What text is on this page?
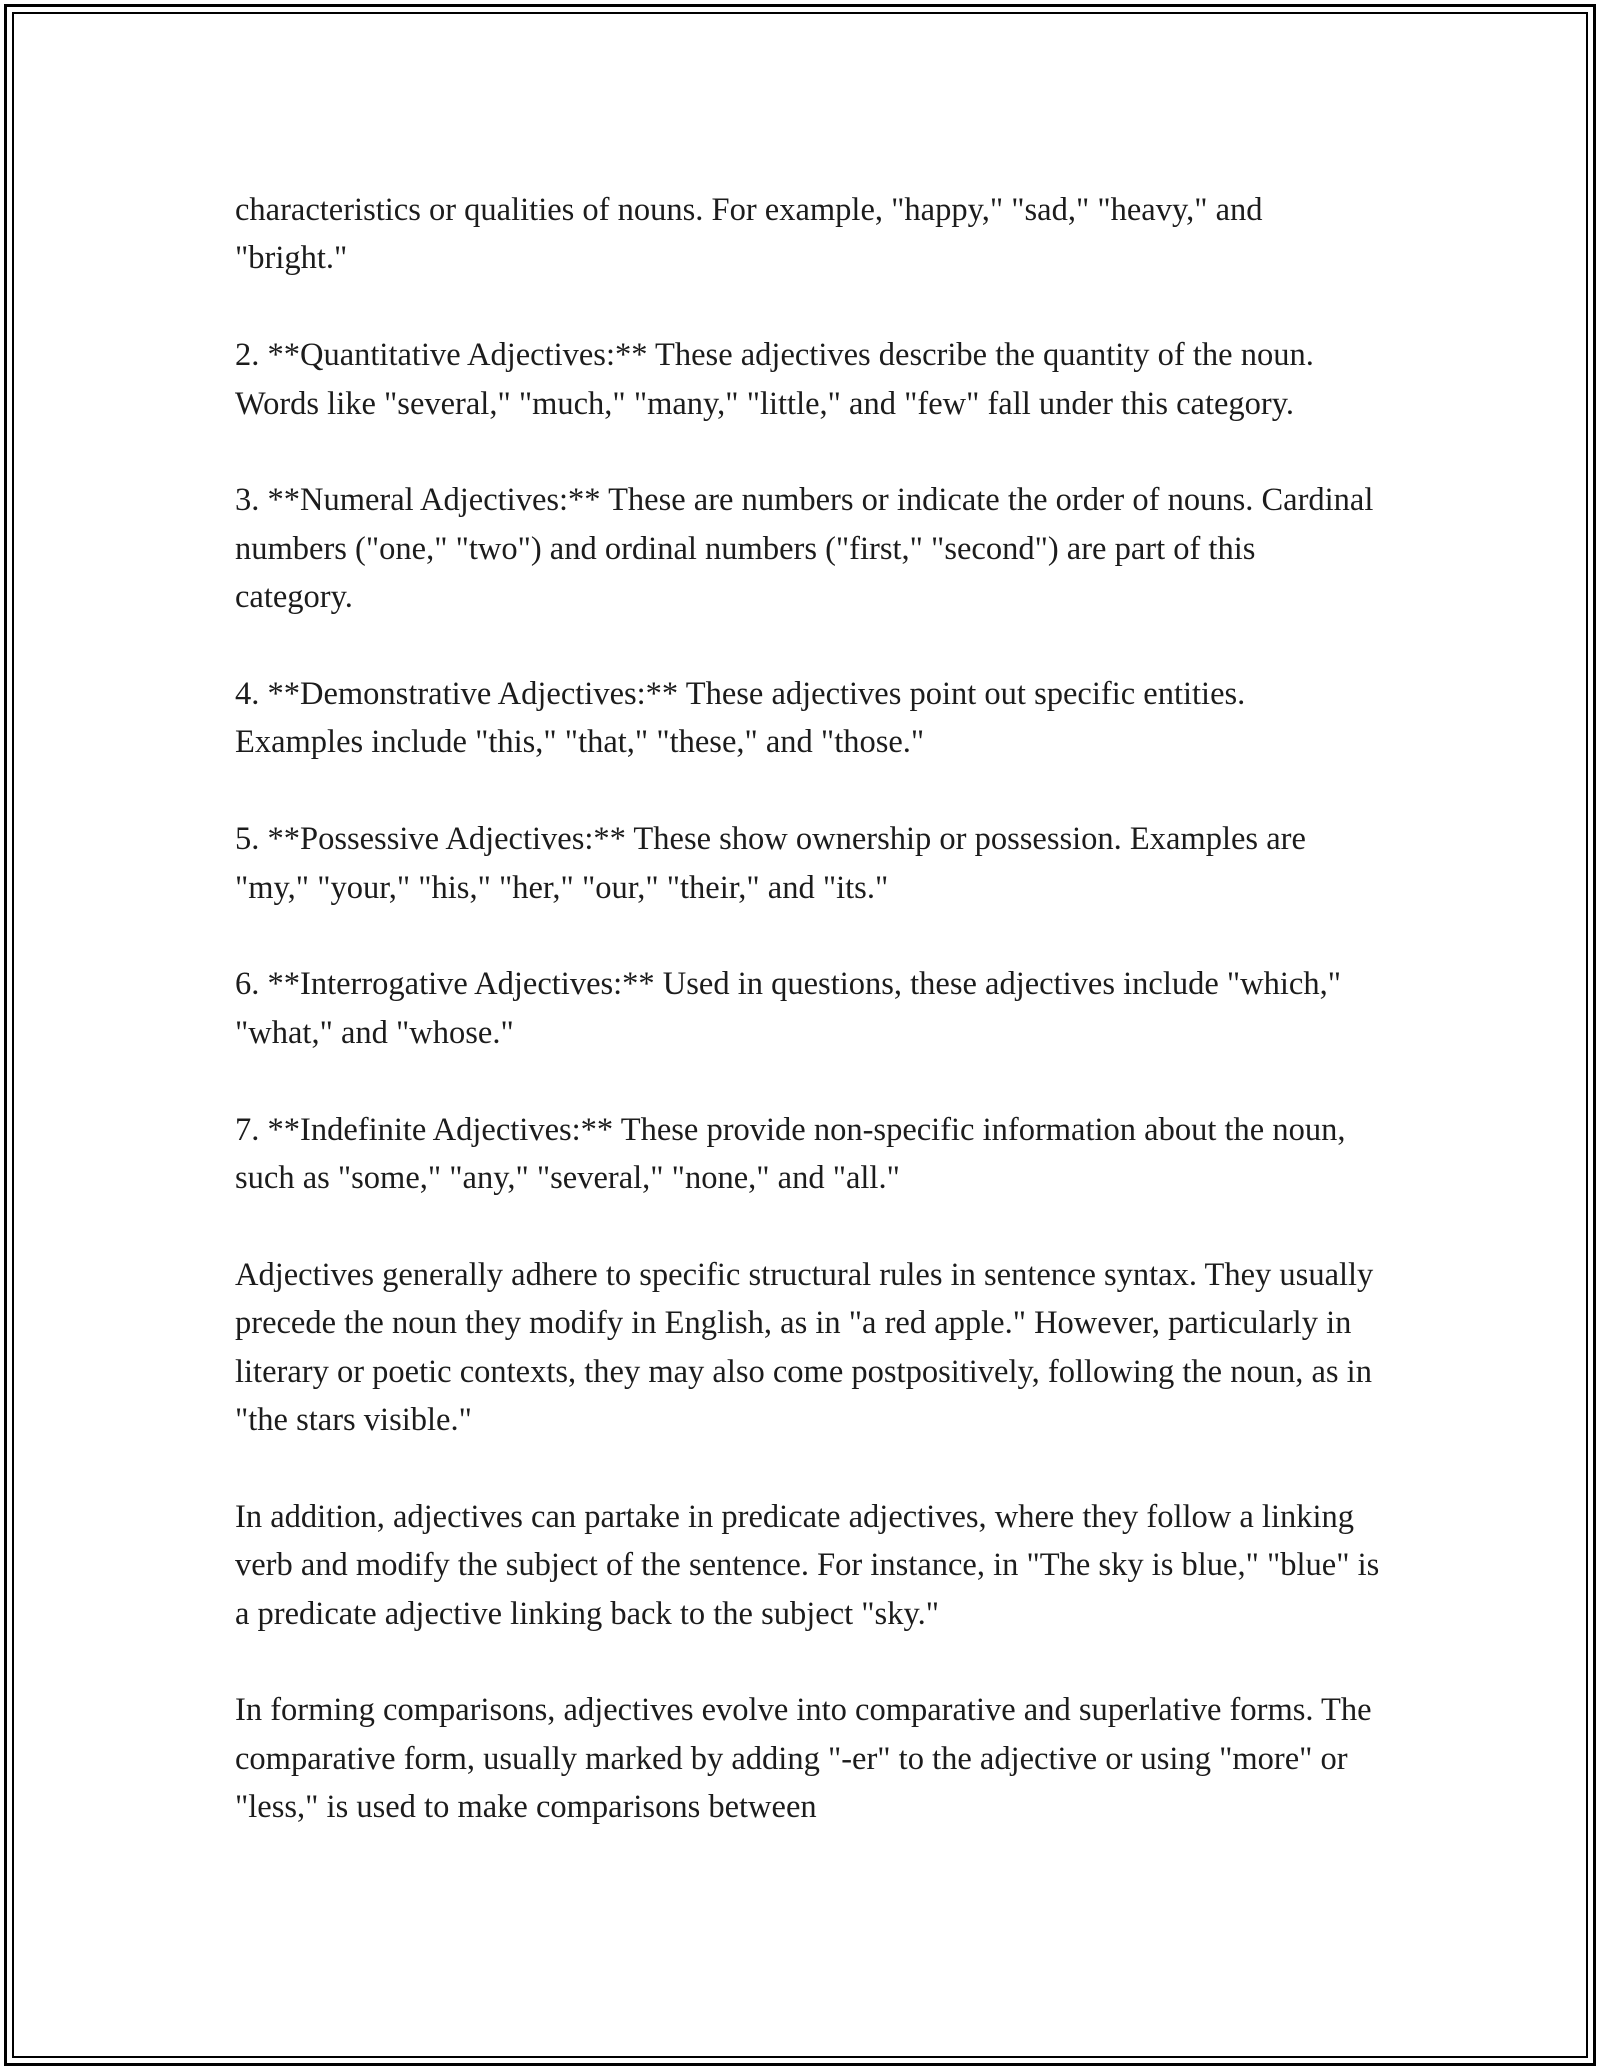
characteristics or qualities of nouns. For example, "happy," "sad," "heavy," and "bright."

2. **Quantitative Adjectives:** These adjectives describe the quantity of the noun. Words like "several," "much," "many," "little," and "few" fall under this category.

3. **Numeral Adjectives:** These are numbers or indicate the order of nouns. Cardinal numbers ("one," "two") and ordinal numbers ("first," "second") are part of this category.

4. **Demonstrative Adjectives:** These adjectives point out specific entities. Examples include "this," "that," "these," and "those."

5. **Possessive Adjectives:** These show ownership or possession. Examples are "my," "your," "his," "her," "our," "their," and "its."

6. **Interrogative Adjectives:** Used in questions, these adjectives include "which," "what," and "whose."

7. **Indefinite Adjectives:** These provide non-specific information about the noun, such as "some," "any," "several," "none," and "all."

Adjectives generally adhere to specific structural rules in sentence syntax. They usually precede the noun they modify in English, as in "a red apple." However, particularly in literary or poetic contexts, they may also come postpositively, following the noun, as in "the stars visible."

In addition, adjectives can partake in predicate adjectives, where they follow a linking verb and modify the subject of the sentence. For instance, in "The sky is blue," "blue" is a predicate adjective linking back to the subject "sky."

In forming comparisons, adjectives evolve into comparative and superlative forms. The comparative form, usually marked by adding "-er" to the adjective or using "more" or "less," is used to make comparisons between
